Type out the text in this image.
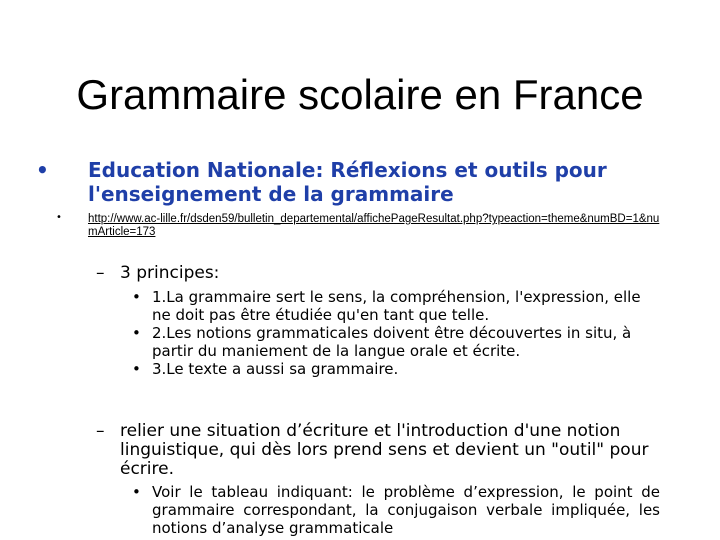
Grammaire scolaire en France
• Education Nationale: Réflexions et outils pour l'enseignement de la grammaire
• http://www.ac-lille.fr/dsden59/bulletin_departemental/affichePageResultat.php?typeaction=theme&numBD=1&numArticle=173
– 3 principes:
• 1.La grammaire sert le sens, la compréhension, l'expression, elle ne doit pas être étudiée qu'en tant que telle.
• 2.Les notions grammaticales doivent être découvertes in situ, à partir du maniement de la langue orale et écrite.
• 3.Le texte a aussi sa grammaire.
– relier une situation d’écriture et l'introduction d'une notion linguistique, qui dès lors prend sens et devient un "outil" pour écrire.
• Voir le tableau indiquant: le problème d’expression, le point de grammaire correspondant, la conjugaison verbale impliquée, les notions d’analyse grammaticale
